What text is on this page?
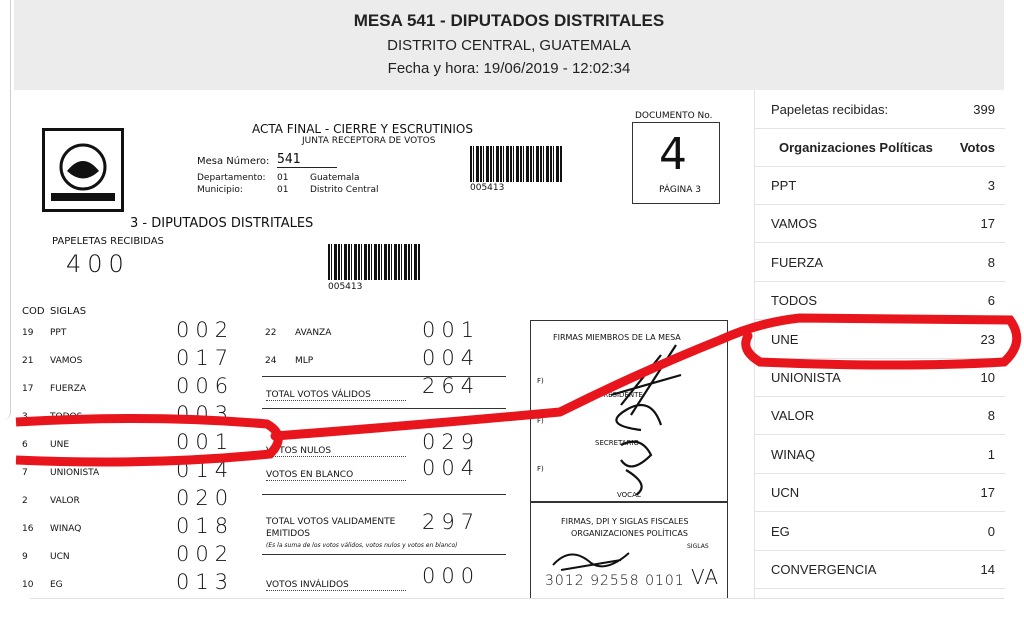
MESA 541 - DIPUTADOS DISTRITALES
DISTRITO CENTRAL, GUATEMALA
Fecha y hora: 19/06/2019 - 12:02:34
ACTA FINAL - CIERRE Y ESCRUTINIOS
JUNTA RECEPTORA DE VOTOS
Mesa Número: 541
Departamento: 01 Guatemala
Municipio:	01 Distrito Central	005413
DOCUMENTO No.
4
PÁGINA 3
3 - DIPUTADOS DISTRITALES
PAPELETAS RECIBIDAS
400
005413
COD SIGLAS
19 PPT	002
21 VAMOS	017
17 FUERZA	006
3 TODOS	003
6 UNE	001
7 UNIONISTA	014
2 VALOR	020
16 WINAQ	018
9 UCN	002
10 EG	013
22 AVANZA	001
24 MLP	004
TOTAL VOTOS VÁLIDOS	264
VOTOS NULOS	029
VOTOS EN BLANCO	004
TOTAL VOTOS VALIDAMENTE EMITIDOS
(Es la suma de los votos válidos, votos nulos y votos en blanco)
297
VOTOS INVÁLIDOS	000
FIRMAS MIEMBROS DE LA MESA
F)
PRESIDENTE
F)
SECRETARIO
F)
VOCAL
FIRMAS, DPI Y SIGLAS FISCALES
ORGANIZACIONES POLÍTICAS
SIGLAS
3012 92558 0101 VA
Papeletas recibidas:	399
Organizaciones Políticas Votos
PPT	3
VAMOS	17
FUERZA	8
TODOS	6
UNE	23
UNIONISTA	10
VALOR	8
WINAQ	1
UCN	17
EG	0
CONVERGENCIA	14
